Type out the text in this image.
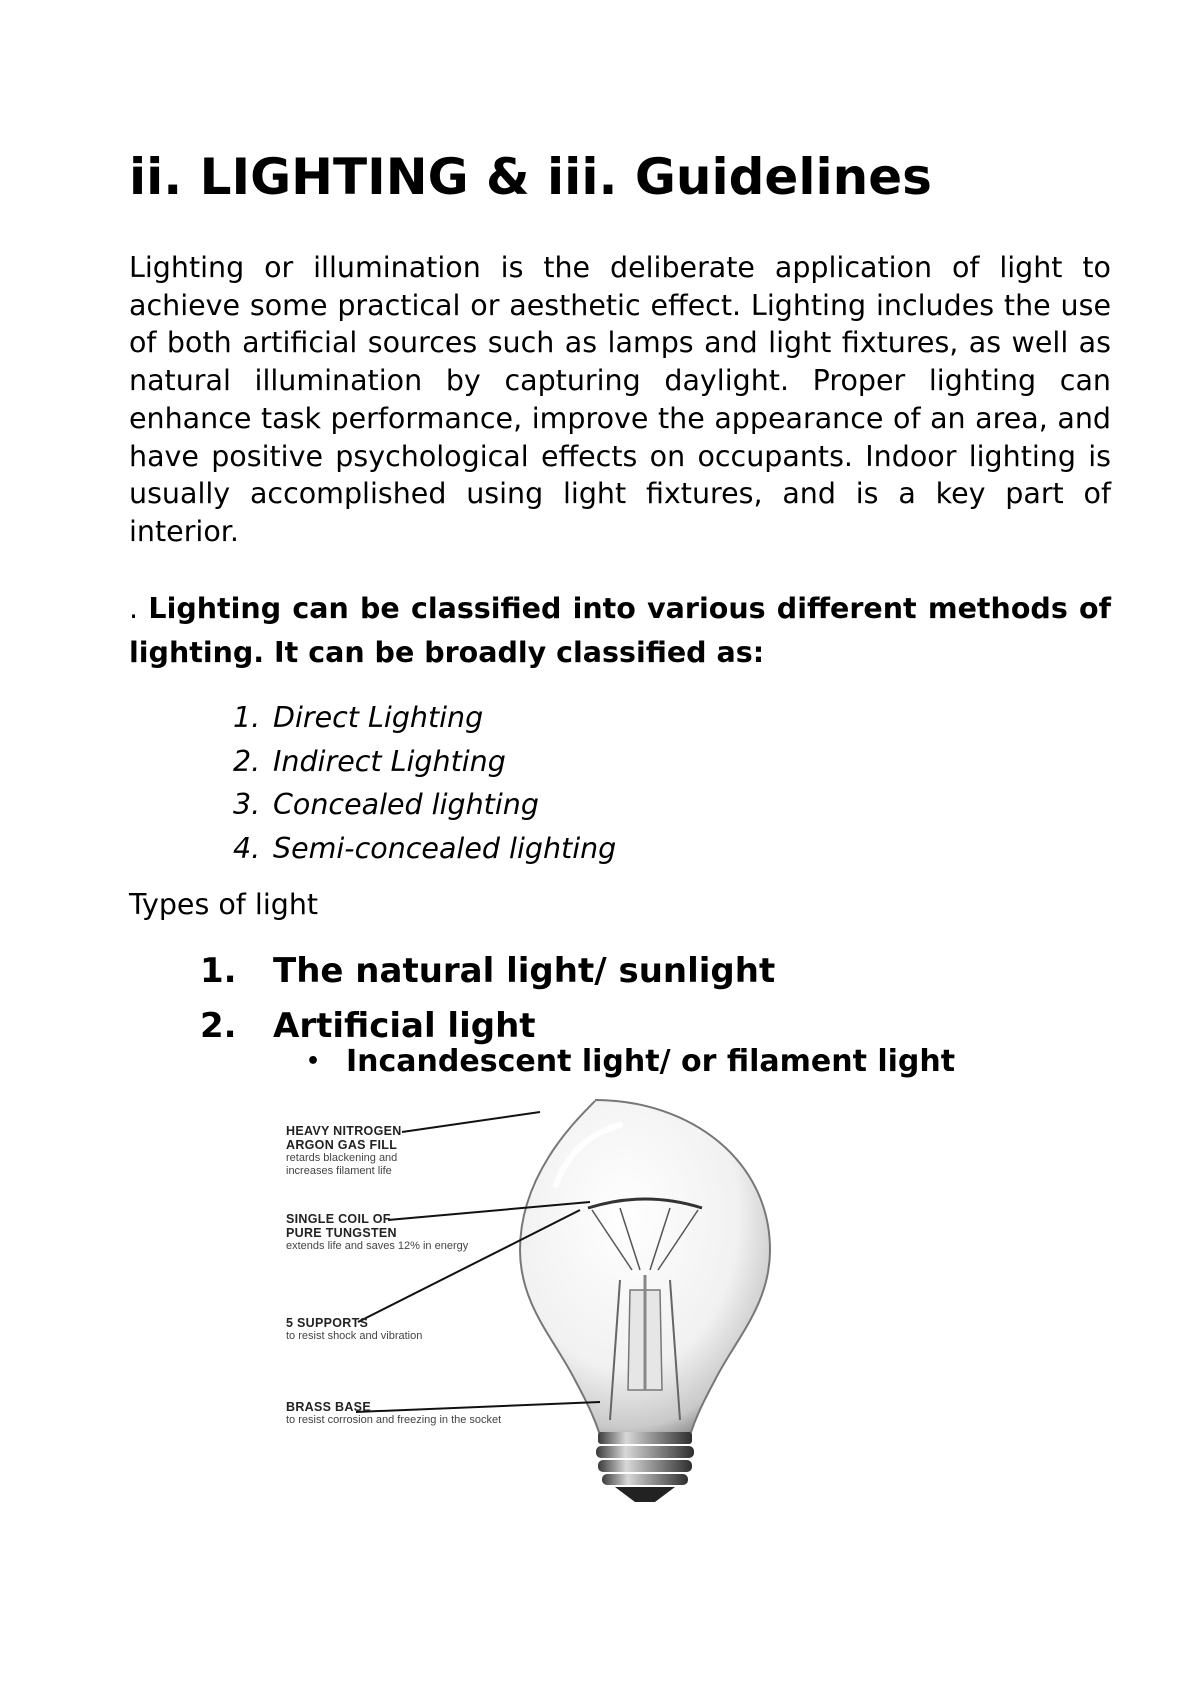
ii. LIGHTING & iii. Guidelines

Lighting or illumination is the deliberate application of light to achieve some practical or aesthetic effect. Lighting includes the use of both artificial sources such as lamps and light fixtures, as well as natural illumination by capturing daylight. Proper lighting can enhance task performance, improve the appearance of an area, and have positive psychological effects on occupants. Indoor lighting is usually accomplished using light fixtures, and is a key part of interior.

. Lighting can be classified into various different methods of lighting. It can be broadly classified as:

1. Direct Lighting
2. Indirect Lighting
3. Concealed lighting
4. Semi-concealed lighting

Types of light

1. The natural light/ sunlight
2. Artificial light

• Incandescent light/ or filament light

HEAVY NITROGEN
ARGON GAS FILL
retards blackening and
increases filament life
SINGLE COIL OF
PURE TUNGSTEN
extends life and saves 12% in energy
5 SUPPORTS
to resist shock and vibration
BRASS BASE
to resist corrosion and freezing in the socket
